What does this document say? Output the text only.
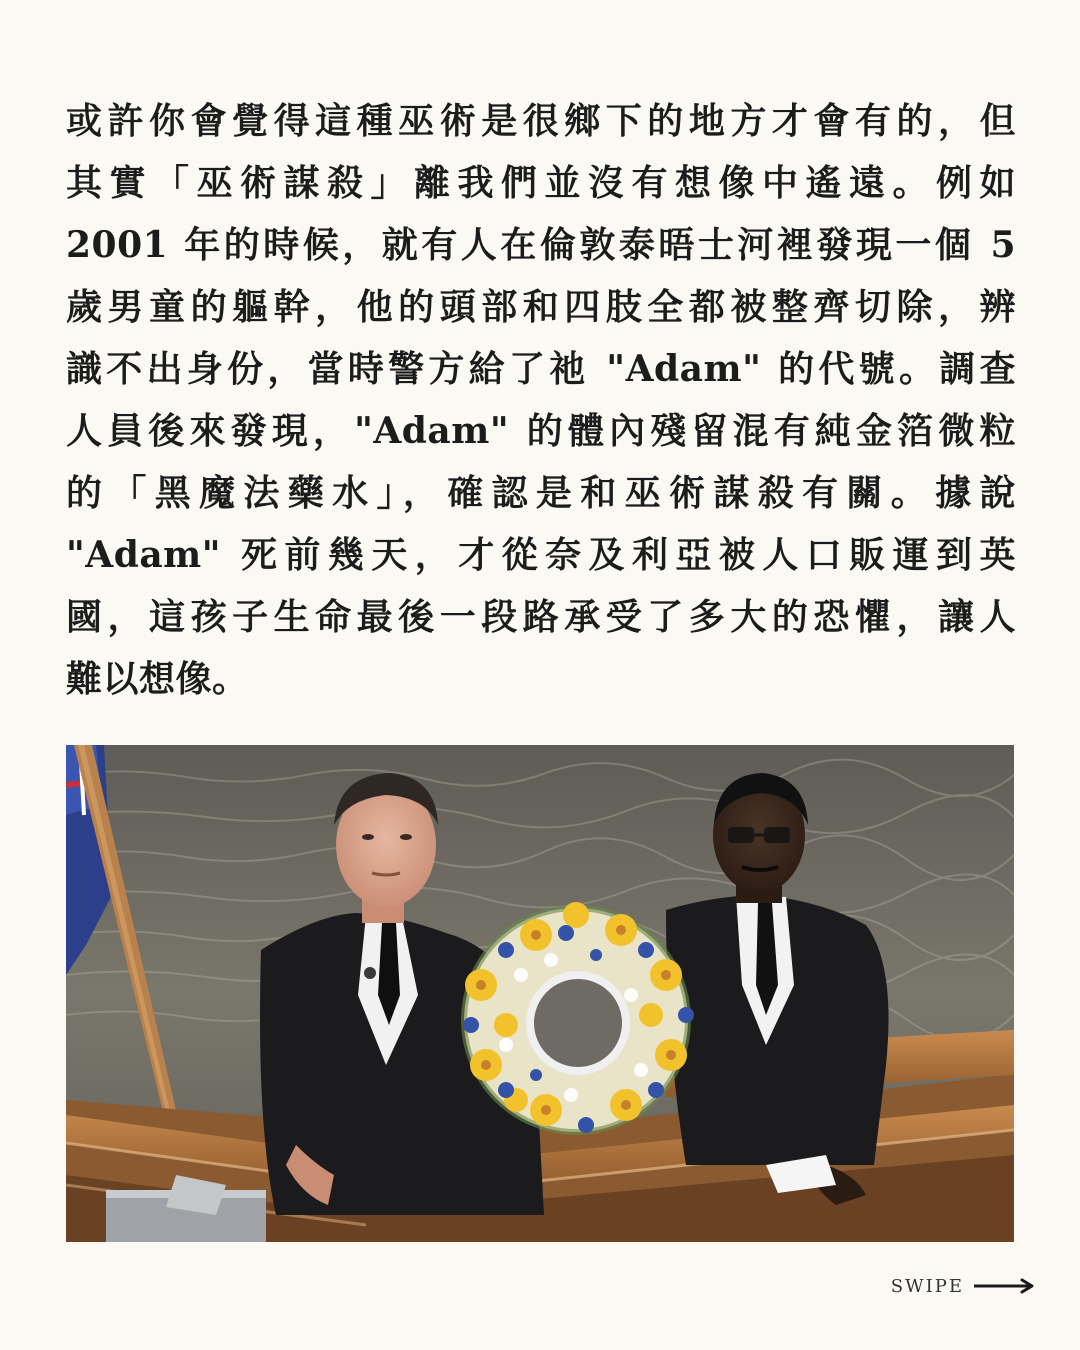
或許你會覺得這種巫術是很鄉下的地方才會有的，但
其實「巫術謀殺」離我們並沒有想像中遙遠。例如
2001 年的時候，就有人在倫敦泰晤士河裡發現一個 5
歲男童的軀幹，他的頭部和四肢全都被整齊切除，辨
識不出身份，當時警方給了祂 "Adam" 的代號。調查
人員後來發現，"Adam" 的體內殘留混有純金箔微粒
的「黑魔法藥水」，確認是和巫術謀殺有關。據說
"Adam" 死前幾天，才從奈及利亞被人口販運到英
國，這孩子生命最後一段路承受了多大的恐懼，讓人
難以想像。
SWIPE
